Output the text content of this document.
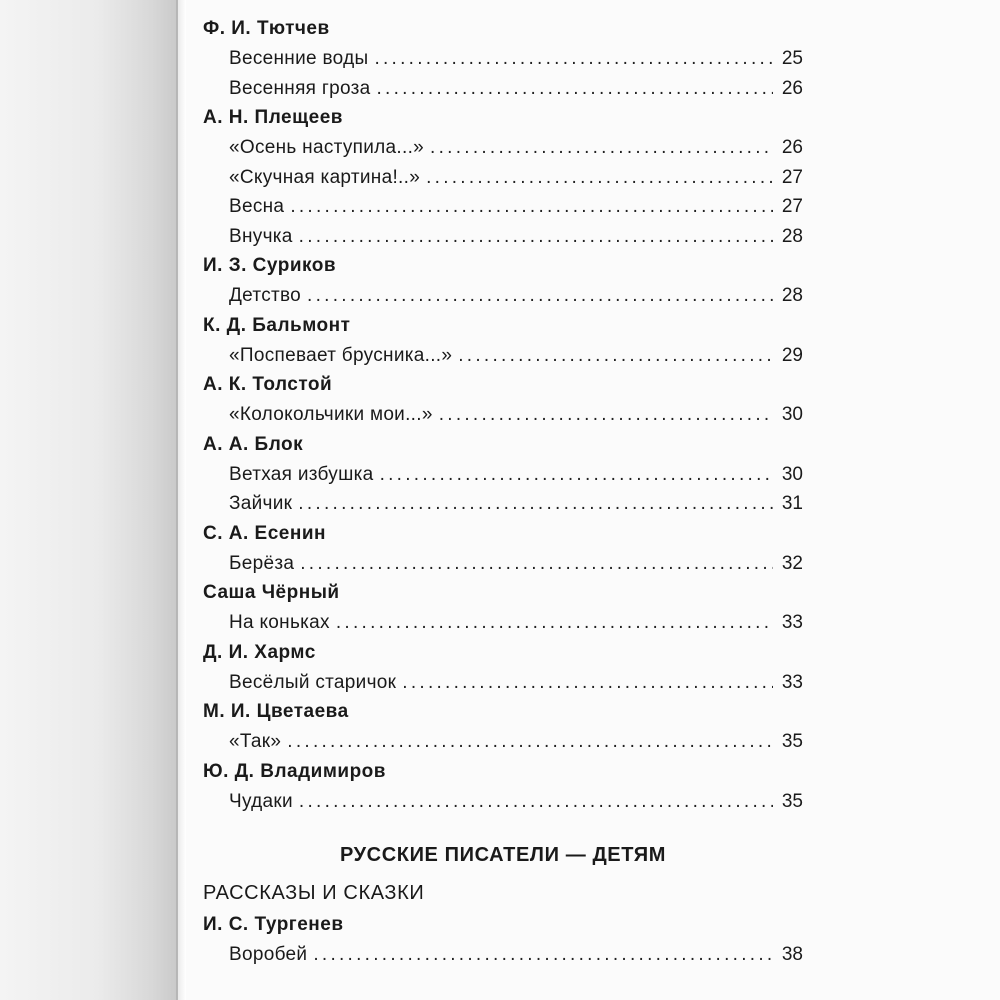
Ф. И. Тютчев
Весенние воды . . .	25
Весенняя гроза . . .	26
А. Н. Плещеев
«Осень наступила...» . . .	26
«Скучная картина!..» . . .	27
Весна . . .	27
Внучка . . .	28
И. З. Суриков
Детство . . .	28
К. Д. Бальмонт
«Поспевает брусника...» . . .	29
А. К. Толстой
«Колокольчики мои...» . . .	30
А. А. Блок
Ветхая избушка . . .	30
Зайчик . . .	31
С. А. Есенин
Берёза . . .	32
Саша Чёрный
На коньках . . .	33
Д. И. Хармс
Весёлый старичок . . .	33
М. И. Цветаева
«Так» . . .	35
Ю. Д. Владимиров
Чудаки . . .	35
РУССКИЕ ПИСАТЕЛИ — ДЕТЯМ
РАССКАЗЫ И СКАЗКИ
И. С. Тургенев
Воробей . . .	38
